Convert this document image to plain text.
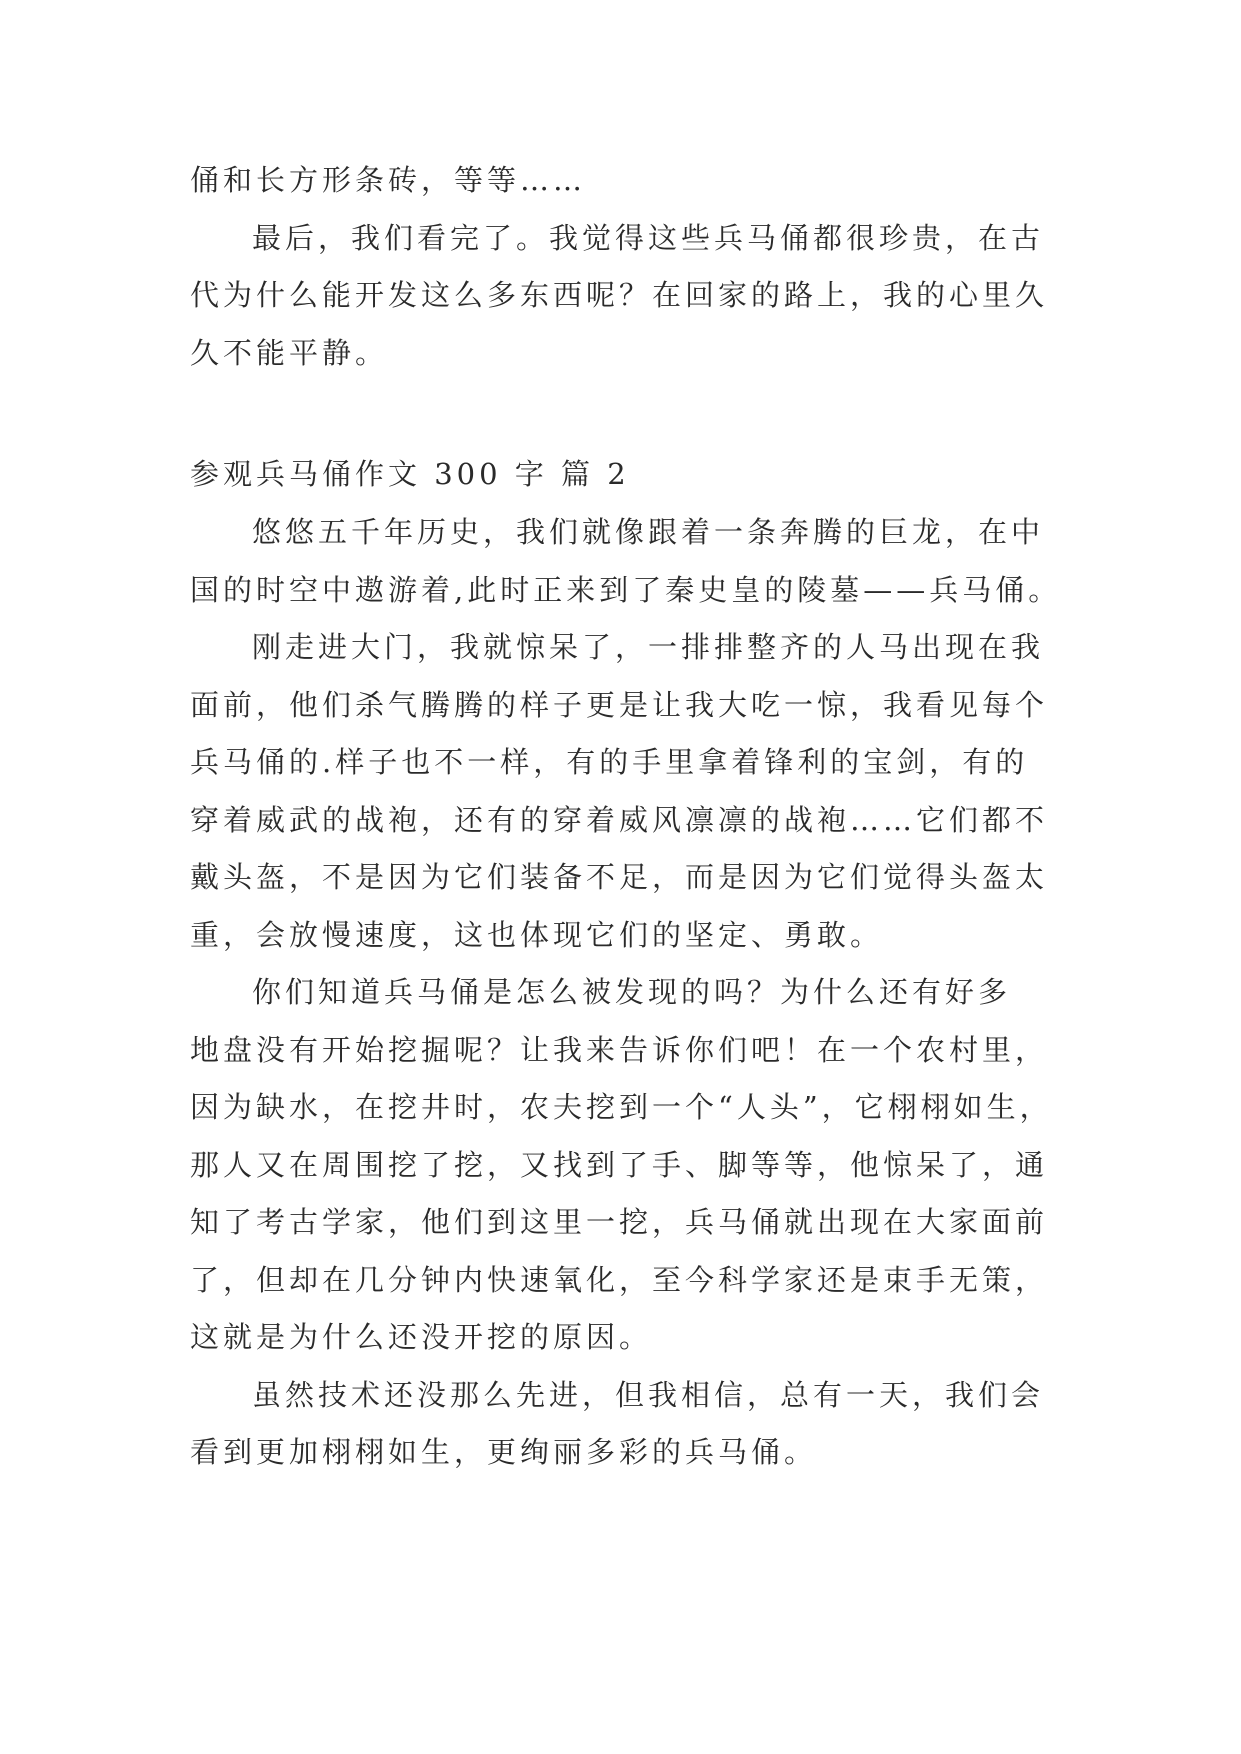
俑和长方形条砖，等等……
最后，我们看完了。我觉得这些兵马俑都很珍贵，在古
代为什么能开发这么多东西呢？在回家的路上，我的心里久
久不能平静。
参观兵马俑作文 300 字 篇 2
悠悠五千年历史，我们就像跟着一条奔腾的巨龙，在中
国的时空中遨游着,此时正来到了秦史皇的陵墓——兵马俑。
刚走进大门，我就惊呆了，一排排整齐的人马出现在我
面前，他们杀气腾腾的样子更是让我大吃一惊，我看见每个
兵马俑的.样子也不一样，有的手里拿着锋利的宝剑，有的
穿着威武的战袍，还有的穿着威风凛凛的战袍……它们都不
戴头盔，不是因为它们装备不足，而是因为它们觉得头盔太
重，会放慢速度，这也体现它们的坚定、勇敢。
你们知道兵马俑是怎么被发现的吗？为什么还有好多
地盘没有开始挖掘呢？让我来告诉你们吧！在一个农村里，
因为缺水，在挖井时，农夫挖到一个“人头”，它栩栩如生，
那人又在周围挖了挖，又找到了手、脚等等，他惊呆了，通
知了考古学家，他们到这里一挖，兵马俑就出现在大家面前
了，但却在几分钟内快速氧化，至今科学家还是束手无策，
这就是为什么还没开挖的原因。
虽然技术还没那么先进，但我相信，总有一天，我们会
看到更加栩栩如生，更绚丽多彩的兵马俑。
